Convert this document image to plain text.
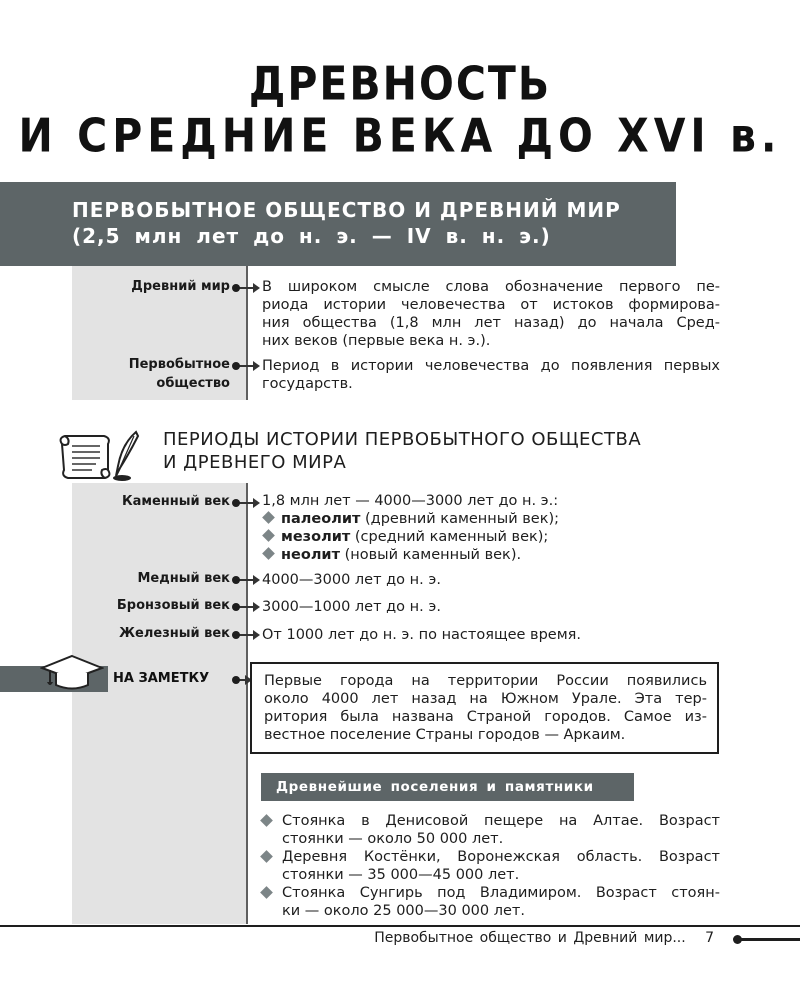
ДРЕВНОСТЬ
И СРЕДНИЕ ВЕКА ДО XVI в.
ПЕРВОБЫТНОЕ ОБЩЕСТВО И ДРЕВНИЙ МИР
(2,5 млн лет до н. э. — IV в. н. э.)
Древний мир В широком смысле слова обозначение первого пе-
риода истории человечества от истоков формирова-
ния общества (1,8 млн лет назад) до начала Сред-
них веков (первые века н. э.).
Первобытное
общество
Период в истории человечества до появления первых
государств.
ПЕРИОДЫ ИСТОРИИ ПЕРВОБЫТНОГО ОБЩЕСТВА
И ДРЕВНЕГО МИРА
Каменный век 1,8 млн лет — 4000—3000 лет до н. э.:
палеолит (древний каменный век);
мезолит (средний каменный век);
неолит (новый каменный век).
Медный век 4000—3000 лет до н. э.
Бронзовый век 3000—1000 лет до н. э.
Железный век От 1000 лет до н. э. по настоящее время.
НА ЗАМЕТКУ	Первые города на территории России появились
около 4000 лет назад на Южном Урале. Эта тер-
ритория была названа Страной городов. Самое из-
вестное поселение Страны городов — Аркаим.
Древнейшие поселения и памятники
Стоянка в Денисовой пещере на Алтае. Возраст
стоянки — около 50 000 лет.
Деревня Костёнки, Воронежская область. Возраст
стоянки — 35 000—45 000 лет.
Стоянка Сунгирь под Владимиром. Возраст стоян-
ки — около 25 000—30 000 лет.
Первобытное общество и Древний мир... 7
